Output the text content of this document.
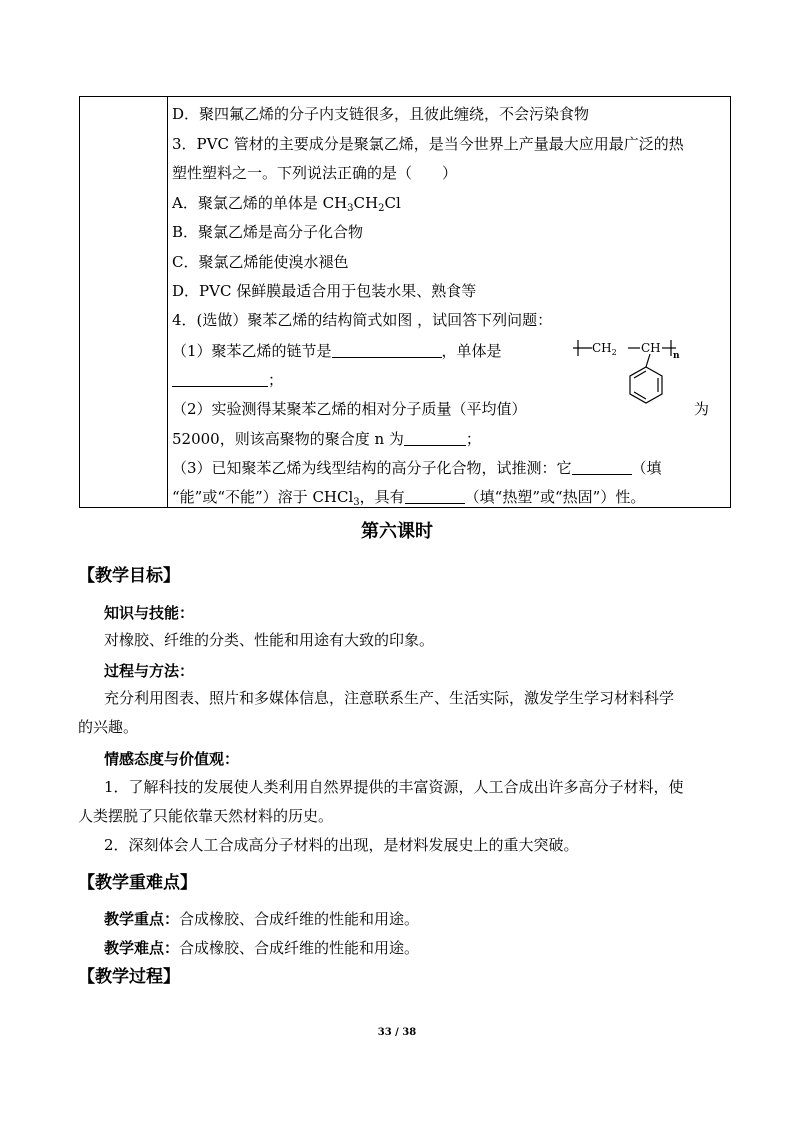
D．聚四氟乙烯的分子内支链很多，且彼此缠绕，不会污染食物
3．PVC 管材的主要成分是聚氯乙烯，是当今世界上产量最大应用最广泛的热
塑性塑料之一。下列说法正确的是（　　）
A．聚氯乙烯的单体是 $CH_3CH_2Cl$
B．聚氯乙烯是高分子化合物
C．聚氯乙烯能使溴水褪色
D．PVC 保鲜膜最适合用于包装水果、熟食等
4．(选做）聚苯乙烯的结构简式如图 ，试回答下列问题：
（1）聚苯乙烯的链节是	，单体是
；
（2）实验测得某聚苯乙烯的相对分子质量（平均值）	为
52000，则该高聚物的聚合度 n 为	；
（3）已知聚苯乙烯为线型结构的高分子化合物，试推测：它	（填
“能”或“不能”）溶于 CHCl$_3$，具有	（填“热塑”或“热固”）性。
$CH_2$ CH
n
第六课时
【教学目标】
知识与技能：
对橡胶、纤维的分类、性能和用途有大致的印象。
过程与方法：
充分利用图表、照片和多媒体信息，注意联系生产、生活实际，激发学生学习材料科学
的兴趣。
情感态度与价值观：
1．了解科技的发展使人类利用自然界提供的丰富资源，人工合成出许多高分子材料，使
人类摆脱了只能依靠天然材料的历史。
2．深刻体会人工合成高分子材料的出现，是材料发展史上的重大突破。
【教学重难点】
教学重点：合成橡胶、合成纤维的性能和用途。
教学难点：合成橡胶、合成纤维的性能和用途。
【教学过程】
33 / 38
